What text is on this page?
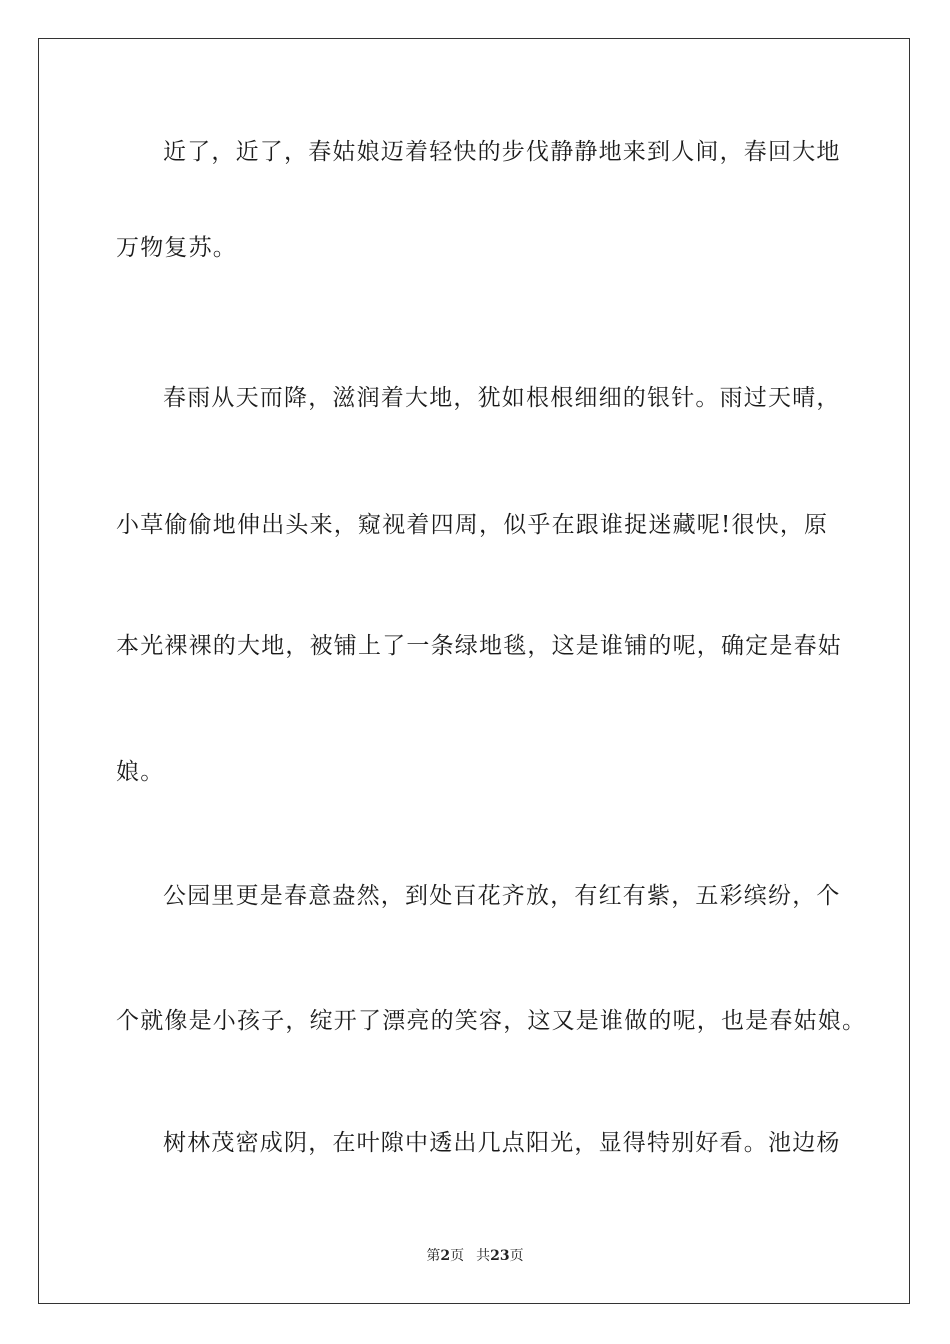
近了，近了，春姑娘迈着轻快的步伐静静地来到人间，春回大地
万物复苏。
春雨从天而降，滋润着大地，犹如根根细细的银针。雨过天晴，
小草偷偷地伸出头来，窥视着四周，似乎在跟谁捉迷藏呢!很快，原
本光裸裸的大地，被铺上了一条绿地毯，这是谁铺的呢，确定是春姑
娘。
公园里更是春意盎然，到处百花齐放，有红有紫，五彩缤纷，个
个就像是小孩子，绽开了漂亮的笑容，这又是谁做的呢，也是春姑娘。
树林茂密成阴，在叶隙中透出几点阳光，显得特别好看。池边杨
第2页 共23页
